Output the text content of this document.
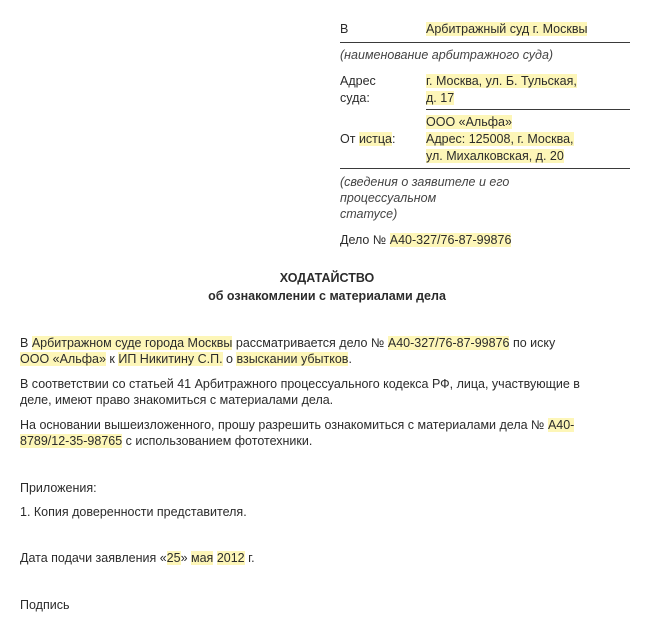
В	Арбитражный суд г. Москвы
(наименование арбитражного суда)
Адрес
суда:
г. Москва, ул. Б. Тульская,
д. 17
От истца:
ООО «Альфа»
Адрес: 125008, г. Москва,
ул. Михалковская, д. 20
(сведения о заявителе и его
процессуальном
статусе)
Дело № А40-327/76-87-99876
ХОДАТАЙСТВО
об ознакомлении с материалами дела
В Арбитражном суде города Москвы рассматривается дело № А40-327/76-87-99876 по иску
ООО «Альфа» к ИП Никитину С.П. о взыскании убытков.
В соответствии со статьей 41 Арбитражного процессуального кодекса РФ, лица, участвующие в
деле, имеют право знакомиться с материалами дела.
На основании вышеизложенного, прошу разрешить ознакомиться с материалами дела № А40-
8789/12-35-98765 с использованием фототехники.
Приложения:
1. Копия доверенности представителя.
Дата подачи заявления «25» мая 2012 г.
Подпись
